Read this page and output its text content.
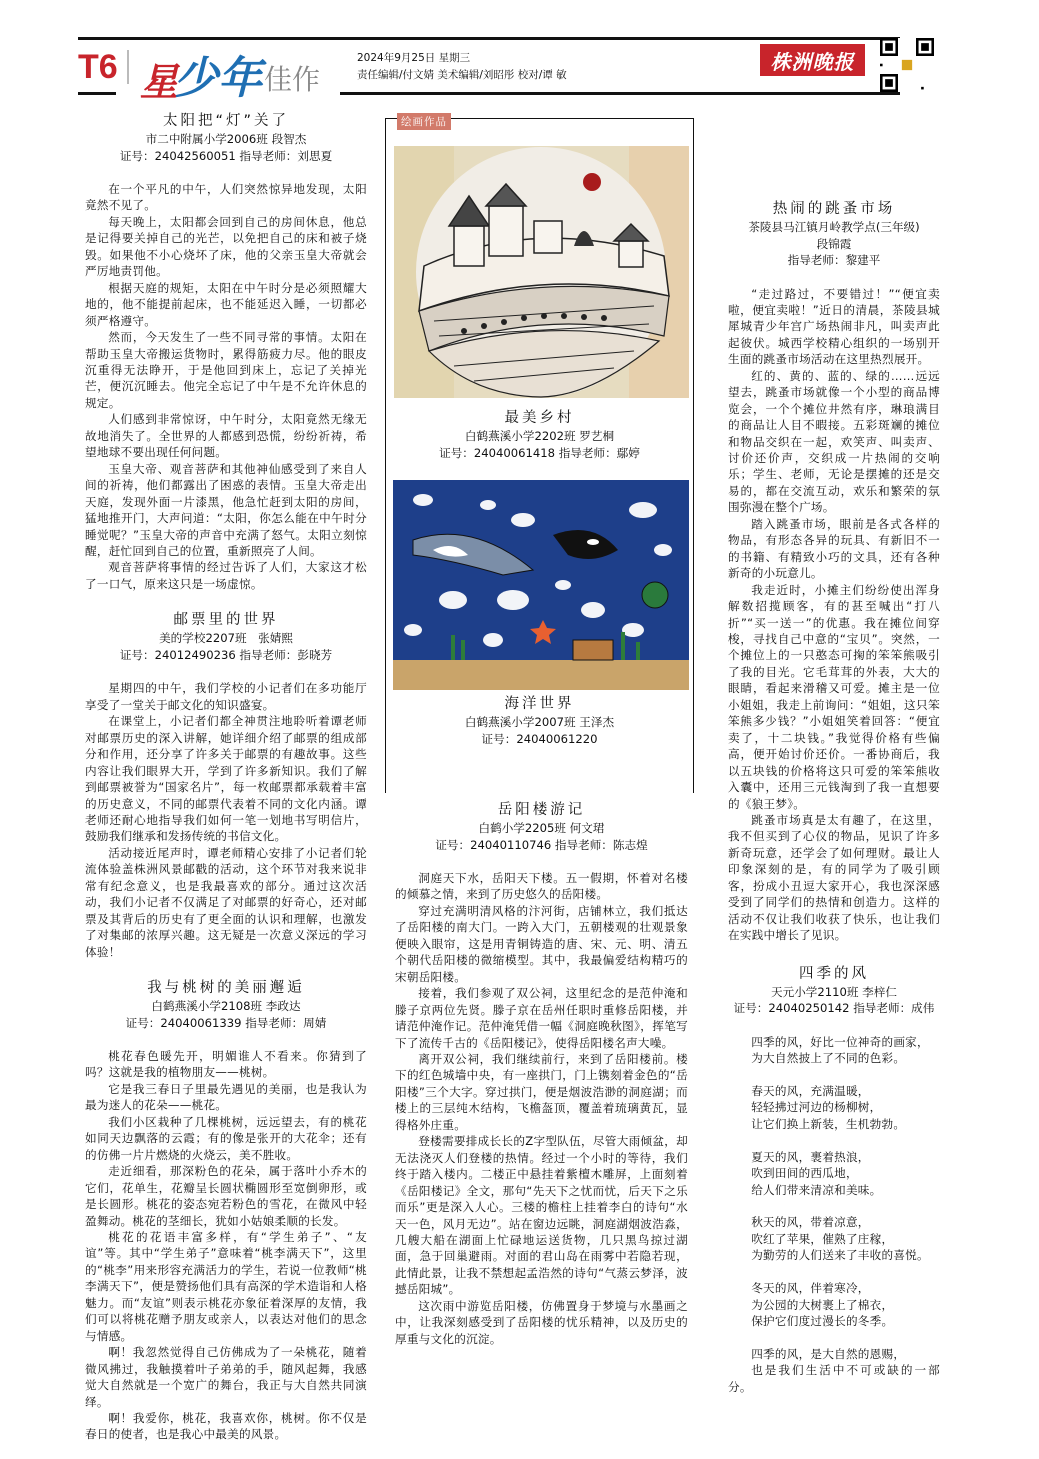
T6 星
少年 佳作
2024年9月25日 星期三
责任编辑/付文婧 美术编辑/刘昭彤 校对/谭 敏
株洲晚报
太阳把“灯”关了
市二中附属小学2006班 段智杰
证号：24042560051 指导老师：刘思夏

在一个平凡的中午，人们突然惊异地发现，太阳竟然不见了。

每天晚上，太阳都会回到自己的房间休息，他总是记得要关掉自己的光芒，以免把自己的床和被子烧毁。如果他不小心烧坏了床，他的父亲玉皇大帝就会严厉地责罚他。

根据天庭的规矩，太阳在中午时分是必须照耀大地的，他不能提前起床，也不能延迟入睡，一切都必须严格遵守。

然而，今天发生了一些不同寻常的事情。太阳在帮助玉皇大帝搬运货物时，累得筋疲力尽。他的眼皮沉重得无法睁开，于是他回到床上，忘记了关掉光芒，便沉沉睡去。他完全忘记了中午是不允许休息的规定。

人们感到非常惊讶，中午时分，太阳竟然无缘无故地消失了。全世界的人都感到恐慌，纷纷祈祷，希望地球不要出现任何问题。

玉皇大帝、观音菩萨和其他神仙感受到了来自人间的祈祷，他们都露出了困惑的表情。玉皇大帝走出天庭，发现外面一片漆黑，他急忙赶到太阳的房间，猛地推开门，大声问道：“太阳，你怎么能在中午时分睡觉呢？”玉皇大帝的声音中充满了怒气。太阳立刻惊醒，赶忙回到自己的位置，重新照亮了人间。

观音菩萨将事情的经过告诉了人们，大家这才松了一口气，原来这只是一场虚惊。

邮票里的世界
美的学校2207班　张婧熙
证号：24012490236 指导老师：彭晓芳

星期四的中午，我们学校的小记者们在多功能厅享受了一堂关于邮文化的知识盛宴。

在课堂上，小记者们都全神贯注地聆听着谭老师对邮票历史的深入讲解，她详细介绍了邮票的组成部分和作用，还分享了许多关于邮票的有趣故事。这些内容让我们眼界大开，学到了许多新知识。我们了解到邮票被誉为“国家名片”，每一枚邮票都承载着丰富的历史意义，不同的邮票代表着不同的文化内涵。谭老师还耐心地指导我们如何一笔一划地书写明信片，鼓励我们继承和发扬传统的书信文化。

活动接近尾声时，谭老师精心安排了小记者们轮流体验盖株洲风景邮戳的活动，这个环节对我来说非常有纪念意义，也是我最喜欢的部分。通过这次活动，我们小记者不仅满足了对邮票的好奇心，还对邮票及其背后的历史有了更全面的认识和理解，也激发了对集邮的浓厚兴趣。这无疑是一次意义深远的学习体验！

我与桃树的美丽邂逅
白鹤燕溪小学2108班 李政达
证号：24040061339 指导老师：周婧

桃花春色暖先开，明媚谁人不看来。你猜到了吗？这就是我的植物朋友——桃树。

它是我三春日子里最先遇见的美丽，也是我认为最为迷人的花朵——桃花。

我们小区栽种了几棵桃树，远远望去，有的桃花如同天边飘落的云霞；有的像是张开的大花伞；还有的仿佛一片片燃烧的火烧云，美不胜收。

走近细看，那深粉色的花朵，属于落叶小乔木的它们，花单生，花瓣呈长圆状椭圆形至宽倒卵形，或是长圆形。桃花的姿态宛若粉色的雪花，在微风中轻盈舞动。桃花的茎细长，犹如小姑娘柔顺的长发。

桃花的花语丰富多样，有“学生弟子”、“友谊”等。其中“学生弟子”意味着“桃李满天下”，这里的“桃李”用来形容充满活力的学生，若说一位教师“桃李满天下”，便是赞扬他们具有高深的学术造诣和人格魅力。而“友谊”则表示桃花亦象征着深厚的友情，我们可以将桃花赠予朋友或亲人，以表达对他们的思念与情感。

啊！我忽然觉得自己仿佛成为了一朵桃花，随着微风拂过，我触摸着叶子弟弟的手，随风起舞，我感觉大自然就是一个宽广的舞台，我正与大自然共同演绎。

啊！我爱你，桃花，我喜欢你，桃树。你不仅是春日的使者，也是我心中最美的风景。

绘画作品
最美乡村
白鹤燕溪小学2202班 罗艺桐
证号：24040061418 指导老师：鄢婷
海洋世界
白鹤燕溪小学2007班 王泽杰
证号：24040061220
岳阳楼游记
白鹤小学2205班 何文珺
证号：24040110746 指导老师：陈志煌

洞庭天下水，岳阳天下楼。五一假期，怀着对名楼的倾慕之情，来到了历史悠久的岳阳楼。

穿过充满明清风格的汴河街，店铺林立，我们抵达了岳阳楼的南大门。一跨入大门，五朝楼观的壮观景象便映入眼帘，这是用青铜铸造的唐、宋、元、明、清五个朝代岳阳楼的微缩模型。其中，我最偏爱结构精巧的宋朝岳阳楼。

接着，我们参观了双公祠，这里纪念的是范仲淹和滕子京两位先贤。滕子京在岳州任职时重修岳阳楼，并请范仲淹作记。范仲淹凭借一幅《洞庭晚秋图》，挥笔写下了流传千古的《岳阳楼记》，使得岳阳楼名声大噪。

离开双公祠，我们继续前行，来到了岳阳楼前。楼下的红色城墙中央，有一座拱门，门上镌刻着金色的“岳阳楼”三个大字。穿过拱门，便是烟波浩渺的洞庭湖；而楼上的三层纯木结构，飞檐盔顶，覆盖着琉璃黄瓦，显得格外庄重。

登楼需要排成长长的Z字型队伍，尽管大雨倾盆，却无法浇灭人们登楼的热情。经过一个小时的等待，我们终于踏入楼内。二楼正中悬挂着紫檀木雕屏，上面刻着《岳阳楼记》全文，那句“先天下之忧而忧，后天下之乐而乐”更是深入人心。三楼的檐柱上挂着李白的诗句“水天一色，风月无边”。站在窗边远眺，洞庭湖烟波浩淼，几艘大船在湖面上忙碌地运送货物，几只黑鸟掠过湖面，急于回巢避雨。对面的君山岛在雨雾中若隐若现，此情此景，让我不禁想起孟浩然的诗句“气蒸云梦泽，波撼岳阳城”。

这次雨中游览岳阳楼，仿佛置身于梦境与水墨画之中，让我深刻感受到了岳阳楼的忧乐精神，以及历史的厚重与文化的沉淀。

热闹的跳蚤市场
茶陵县马江镇月岭教学点(三年级)
段锦霞
指导老师：黎建平

“走过路过，不要错过！”“便宜卖啦，便宜卖啦！”近日的清晨，茶陵县城犀城青少年宫广场热闹非凡，叫卖声此起彼伏。城西学校精心组织的一场别开生面的跳蚤市场活动在这里热烈展开。

红的、黄的、蓝的、绿的……远远望去，跳蚤市场就像一个小型的商品博览会，一个个摊位井然有序，琳琅满目的商品让人目不暇接。五彩斑斓的摊位和物品交织在一起，欢笑声、叫卖声、讨价还价声，交织成一片热闹的交响乐；学生、老师，无论是摆摊的还是交易的，都在交流互动，欢乐和繁荣的氛围弥漫在整个广场。

踏入跳蚤市场，眼前是各式各样的物品，有形态各异的玩具、有新旧不一的书籍、有精致小巧的文具，还有各种新奇的小玩意儿。

我走近时，小摊主们纷纷使出浑身解数招揽顾客，有的甚至喊出“打八折”“买一送一”的优惠。我在摊位间穿梭，寻找自己中意的“宝贝”。突然，一个摊位上的一只憨态可掬的笨笨熊吸引了我的目光。它毛茸茸的外表，大大的眼睛，看起来滑稽又可爱。摊主是一位小姐姐，我走上前询问：“姐姐，这只笨笨熊多少钱？”小姐姐笑着回答：“便宜卖了，十二块钱。”我觉得价格有些偏高，便开始讨价还价。一番协商后，我以五块钱的价格将这只可爱的笨笨熊收入囊中，还用三元钱淘到了我一直想要的《狼王梦》。

跳蚤市场真是太有趣了，在这里，我不但买到了心仪的物品，见识了许多新奇玩意，还学会了如何理财。最让人印象深刻的是，有的同学为了吸引顾客，扮成小丑逗大家开心，我也深深感受到了同学们的热情和创造力。这样的活动不仅让我们收获了快乐，也让我们在实践中增长了见识。

四季的风
天元小学2110班 李梓仁
证号：24040250142 指导老师：成伟

四季的风，好比一位神奇的画家，

为大自然披上了不同的色彩。

春天的风，充满温暖，

轻轻拂过河边的杨柳树，

让它们换上新装，生机勃勃。

夏天的风，裹着热浪，

吹到田间的西瓜地，

给人们带来清凉和美味。

秋天的风，带着凉意，

吹红了苹果，催熟了庄稼，

为勤劳的人们送来了丰收的喜悦。

冬天的风，伴着寒冷，

为公园的大树裹上了棉衣，

保护它们度过漫长的冬季。

四季的风，是大自然的恩赐，

也是我们生活中不可或缺的一部分。
